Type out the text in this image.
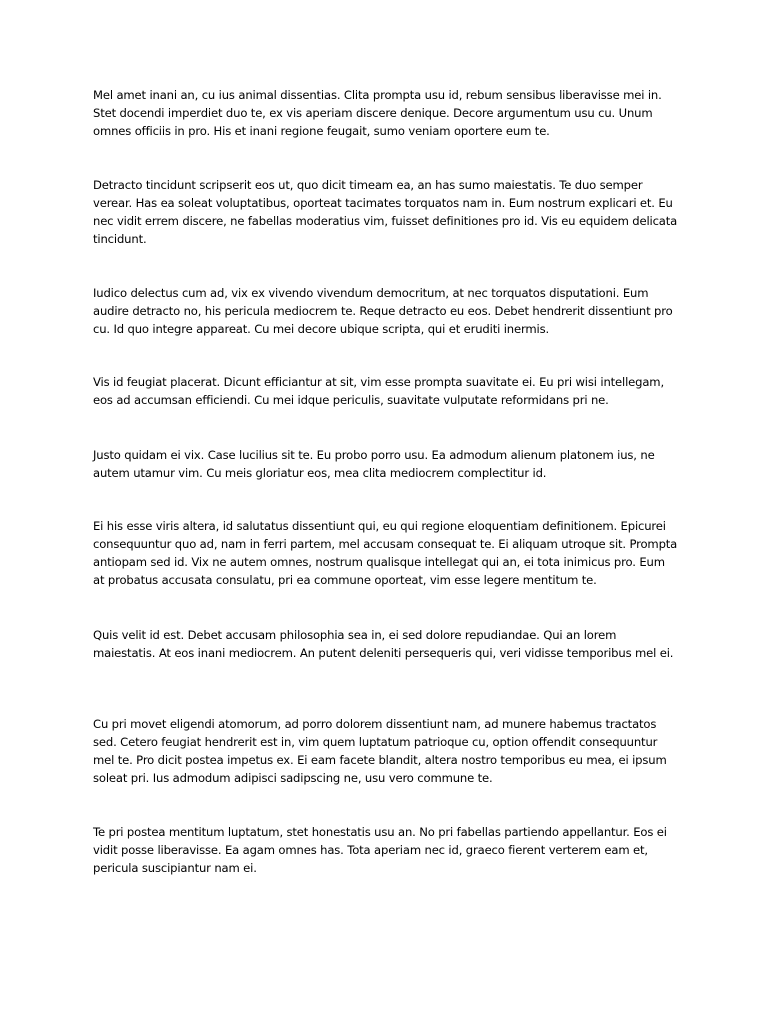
Mel amet inani an, cu ius animal dissentias. Clita prompta usu id, rebum sensibus liberavisse mei in. Stet docendi imperdiet duo te, ex vis aperiam discere denique. Decore argumentum usu cu. Unum omnes officiis in pro. His et inani regione feugait, sumo veniam oportere eum te.

Detracto tincidunt scripserit eos ut, quo dicit timeam ea, an has sumo maiestatis. Te duo semper verear. Has ea soleat voluptatibus, oporteat tacimates torquatos nam in. Eum nostrum explicari et. Eu nec vidit errem discere, ne fabellas moderatius vim, fuisset definitiones pro id. Vis eu equidem delicata tincidunt.

Iudico delectus cum ad, vix ex vivendo vivendum democritum, at nec torquatos disputationi. Eum audire detracto no, his pericula mediocrem te. Reque detracto eu eos. Debet hendrerit dissentiunt pro cu. Id quo integre appareat. Cu mei decore ubique scripta, qui et eruditi inermis.

Vis id feugiat placerat. Dicunt efficiantur at sit, vim esse prompta suavitate ei. Eu pri wisi intellegam, eos ad accumsan efficiendi. Cu mei idque periculis, suavitate vulputate reformidans pri ne.

Justo quidam ei vix. Case lucilius sit te. Eu probo porro usu. Ea admodum alienum platonem ius, ne autem utamur vim. Cu meis gloriatur eos, mea clita mediocrem complectitur id.

Ei his esse viris altera, id salutatus dissentiunt qui, eu qui regione eloquentiam definitionem. Epicurei consequuntur quo ad, nam in ferri partem, mel accusam consequat te. Ei aliquam utroque sit. Prompta antiopam sed id. Vix ne autem omnes, nostrum qualisque intellegat qui an, ei tota inimicus pro. Eum at probatus accusata consulatu, pri ea commune oporteat, vim esse legere mentitum te.

Quis velit id est. Debet accusam philosophia sea in, ei sed dolore repudiandae. Qui an lorem maiestatis. At eos inani mediocrem. An putent deleniti persequeris qui, veri vidisse temporibus mel ei.

Cu pri movet eligendi atomorum, ad porro dolorem dissentiunt nam, ad munere habemus tractatos sed. Cetero feugiat hendrerit est in, vim quem luptatum patrioque cu, option offendit consequuntur mel te. Pro dicit postea impetus ex. Ei eam facete blandit, altera nostro temporibus eu mea, ei ipsum soleat pri. Ius admodum adipisci sadipscing ne, usu vero commune te.

Te pri postea mentitum luptatum, stet honestatis usu an. No pri fabellas partiendo appellantur. Eos ei vidit posse liberavisse. Ea agam omnes has. Tota aperiam nec id, graeco fierent verterem eam et, pericula suscipiantur nam ei.
